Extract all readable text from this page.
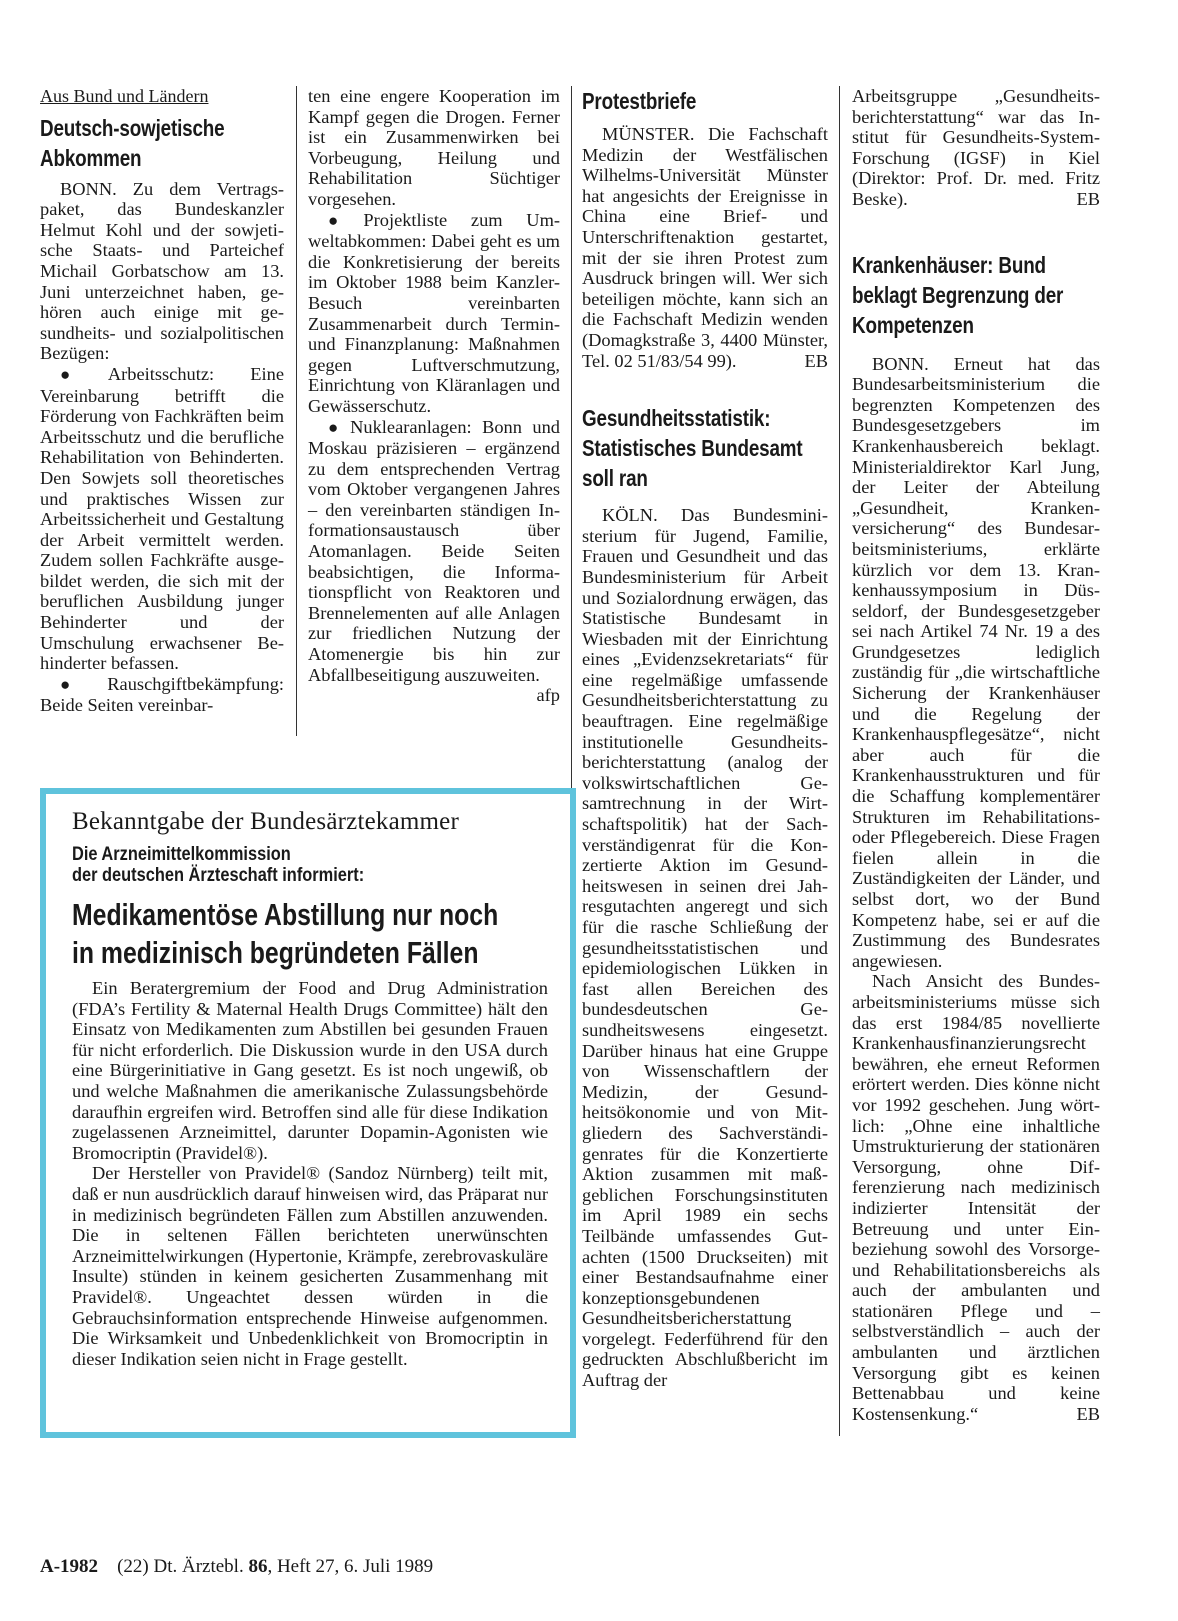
Aus Bund und Ländern
Deutsch-sowjetische Abkommen

BONN. Zu dem Vertragspaket, das Bundeskanzler Helmut Kohl und der sowjetische Staats- und Parteichef Michail Gorbatschow am 13. Juni unterzeichnet haben, gehören auch einige mit gesundheits- und sozialpolitischen Bezügen:

● Arbeitsschutz: Eine Vereinbarung betrifft die Förderung von Fachkräften beim Arbeitsschutz und die berufliche Rehabilitation von Behinderten. Den Sowjets soll theoretisches und praktisches Wissen zur Arbeitssicherheit und Gestaltung der Arbeit vermittelt werden. Zudem sollen Fachkräfte ausgebildet werden, die sich mit der beruflichen Ausbildung junger Behinderter und der Umschulung erwachsener Behinderter befassen.

● Rauschgiftbekämpfung: Beide Seiten vereinbar-

ten eine engere Kooperation im Kampf gegen die Drogen. Ferner ist ein Zusammenwirken bei Vorbeugung, Heilung und Rehabilitation Süchtiger vorgesehen.

● Projektliste zum Umweltabkommen: Dabei geht es um die Konkretisierung der bereits im Oktober 1988 beim Kanzler-Besuch vereinbarten Zusammenarbeit durch Termin- und Finanzplanung: Maßnahmen gegen Luftverschmutzung, Einrichtung von Kläranlagen und Gewässerschutz.

● Nuklearanlagen: Bonn und Moskau präzisieren – ergänzend zu dem entsprechenden Vertrag vom Oktober vergangenen Jahres – den vereinbarten ständigen Informationsaustausch über Atomanlagen. Beide Seiten beabsichtigen, die Informationspflicht von Reaktoren und Brennelementen auf alle Anlagen zur friedlichen Nutzung der Atomenergie bis hin zur Abfallbeseitigung auszuweiten.
afp

Protestbriefe

MÜNSTER. Die Fachschaft Medizin der Westfälischen Wilhelms-Universität Münster hat angesichts der Ereignisse in China eine Brief- und Unterschriftenaktion gestartet, mit der sie ihren Protest zum Ausdruck bringen will. Wer sich beteiligen möchte, kann sich an die Fachschaft Medizin wenden (Domagkstraße 3, 4400 Münster, Tel. 02 51/83/54 99).	EB

Gesundheitsstatistik: Statistisches Bundesamt soll ran

KÖLN. Das Bundesministerium für Jugend, Familie, Frauen und Gesundheit und das Bundesministerium für Arbeit und Sozialordnung erwägen, das Statistische Bundesamt in Wiesbaden mit der Einrichtung eines „Evidenzsekretariats“ für eine regelmäßige umfassende Gesundheitsberichterstattung zu beauftragen. Eine regelmäßige institutionelle Gesundheitsberichterstattung (analog der volkswirtschaftlichen Gesamtrechnung in der Wirtschaftspolitik) hat der Sachverständigenrat für die Konzertierte Aktion im Gesundheitswesen in seinen drei Jahresgutachten angeregt und sich für die rasche Schließung der gesundheitsstatistischen und epidemiologischen Lükken in fast allen Bereichen des bundesdeutschen Gesundheitswesens eingesetzt. Darüber hinaus hat eine Gruppe von Wissenschaftlern der Medizin, der Gesundheitsökonomie und von Mitgliedern des Sachverständigenrates für die Konzertierte Aktion zusammen mit maßgeblichen Forschungsinstituten im April 1989 ein sechs Teilbände umfassendes Gutachten (1500 Druckseiten) mit einer Bestandsaufnahme einer konzeptionsgebundenen Gesundheitsbericherstattung vorgelegt. Federführend für den gedruckten Abschlußbericht im Auftrag der

Arbeitsgruppe „Gesundheitsberichterstattung“ war das Institut für Gesundheits-System-Forschung (IGSF) in Kiel (Direktor: Prof. Dr. med. Fritz Beske).	EB

Krankenhäuser: Bund beklagt Begrenzung der Kompetenzen

BONN. Erneut hat das Bundesarbeitsministerium die begrenzten Kompetenzen des Bundesgesetzgebers im Krankenhausbereich beklagt. Ministerialdirektor Karl Jung, der Leiter der Abteilung „Gesundheit, Krankenversicherung“ des Bundesarbeitsministeriums, erklärte kürzlich vor dem 13. Krankenhaussymposium in Düsseldorf, der Bundesgesetzgeber sei nach Artikel 74 Nr. 19 a des Grundgesetzes lediglich zuständig für „die wirtschaftliche Sicherung der Krankenhäuser und die Regelung der Krankenhauspflegesätze“, nicht aber auch für die Krankenhausstrukturen und für die Schaffung komplementärer Strukturen im Rehabilitations- oder Pflegebereich. Diese Fragen fielen allein in die Zuständigkeiten der Länder, und selbst dort, wo der Bund Kompetenz habe, sei er auf die Zustimmung des Bundesrates angewiesen.

Nach Ansicht des Bundesarbeitsministeriums müsse sich das erst 1984/85 novellierte Krankenhausfinanzierungsrecht bewähren, ehe erneut Reformen erörtert werden. Dies könne nicht vor 1992 geschehen. Jung wörtlich: „Ohne eine inhaltliche Umstrukturierung der stationären Versorgung, ohne Differenzierung nach medizinisch indizierter Intensität der Betreuung und unter Einbeziehung sowohl des Vorsorge- und Rehabilitationsbereichs als auch der ambulanten und stationären Pflege und – selbstverständlich – auch der ambulanten und ärztlichen Versorgung gibt es keinen Bettenabbau und keine Kostensenkung.“	EB

Bekanntgabe der Bundesärztekammer
Die Arzneimittelkommission
der deutschen Ärzteschaft informiert:
Medikamentöse Abstillung nur noch
in medizinisch begründeten Fällen

Ein Beratergremium der Food and Drug Administration (FDA’s Fertility & Maternal Health Drugs Committee) hält den Einsatz von Medikamenten zum Abstillen bei gesunden Frauen für nicht erforderlich. Die Diskussion wurde in den USA durch eine Bürgerinitiative in Gang gesetzt. Es ist noch ungewiß, ob und welche Maßnahmen die amerikanische Zulassungsbehörde daraufhin ergreifen wird. Betroffen sind alle für diese Indikation zugelassenen Arzneimittel, darunter Dopamin-Agonisten wie Bromocriptin (Pravidel®).

Der Hersteller von Pravidel® (Sandoz Nürnberg) teilt mit, daß er nun ausdrücklich darauf hinweisen wird, das Präparat nur in medizinisch begründeten Fällen zum Abstillen anzuwenden. Die in seltenen Fällen berichteten unerwünschten Arzneimittelwirkungen (Hypertonie, Krämpfe, zerebrovaskuläre Insulte) stünden in keinem gesicherten Zusammenhang mit Pravidel®. Ungeachtet dessen würden in die Gebrauchsinformation entsprechende Hinweise aufgenommen. Die Wirksamkeit und Unbedenklichkeit von Bromocriptin in dieser Indikation seien nicht in Frage gestellt.

A-1982 (22) Dt. Ärztebl. 86, Heft 27, 6. Juli 1989
